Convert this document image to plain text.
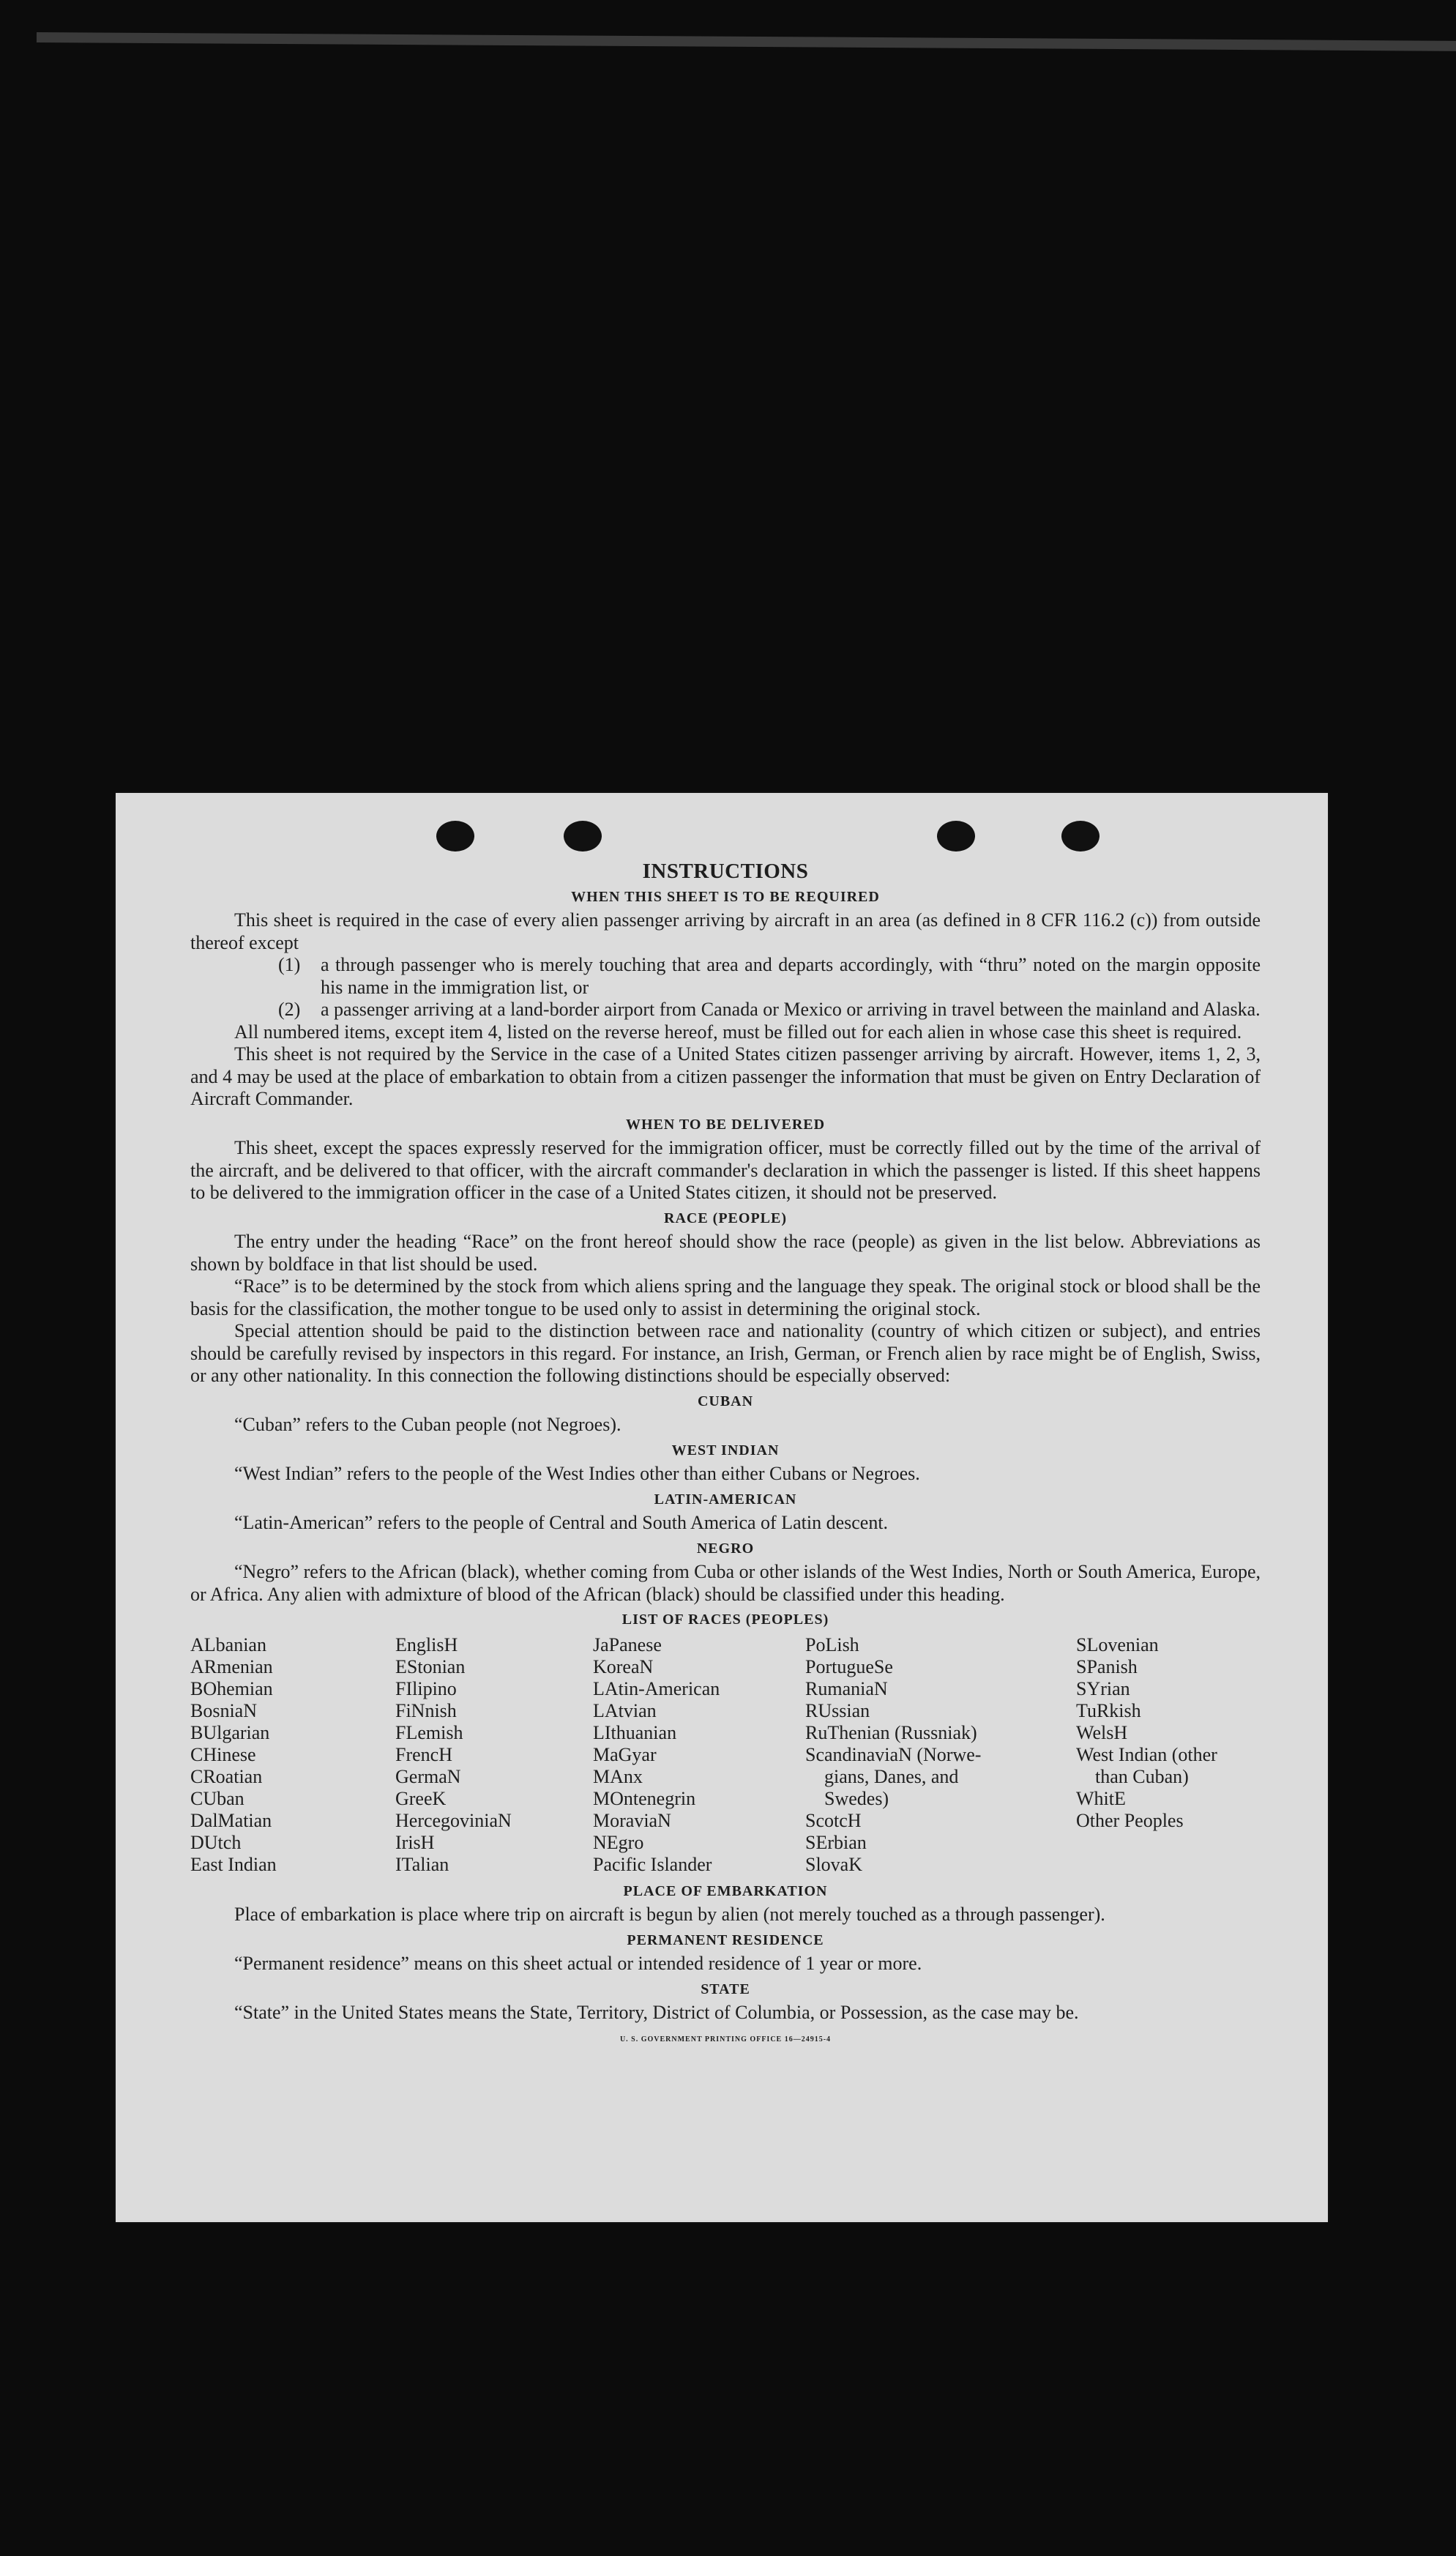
INSTRUCTIONS
WHEN THIS SHEET IS TO BE REQUIRED

This sheet is required in the case of every alien passenger arriving by aircraft in an area (as defined in 8 CFR 116.2 (c)) from outside thereof except

(1)	a through passenger who is merely touching that area and departs accordingly, with “thru” noted on the margin opposite his name in the immigration list, or
(2)	a passenger arriving at a land-border airport from Canada or Mexico or arriving in travel between the mainland and Alaska.

All numbered items, except item 4, listed on the reverse hereof, must be filled out for each alien in whose case this sheet is required.

This sheet is not required by the Service in the case of a United States citizen passenger arriving by aircraft. However, items 1, 2, 3, and 4 may be used at the place of embarkation to obtain from a citizen passenger the information that must be given on Entry Declaration of Aircraft Commander.

WHEN TO BE DELIVERED

This sheet, except the spaces expressly reserved for the immigration officer, must be correctly filled out by the time of the arrival of the aircraft, and be delivered to that officer, with the aircraft commander's declaration in which the passenger is listed. If this sheet happens to be delivered to the immigration officer in the case of a United States citizen, it should not be preserved.

RACE (PEOPLE)

The entry under the heading “Race” on the front hereof should show the race (people) as given in the list below. Abbreviations as shown by boldface in that list should be used.

“Race” is to be determined by the stock from which aliens spring and the language they speak. The original stock or blood shall be the basis for the classification, the mother tongue to be used only to assist in determining the original stock.

Special attention should be paid to the distinction between race and nationality (country of which citizen or subject), and entries should be carefully revised by inspectors in this regard. For instance, an Irish, German, or French alien by race might be of English, Swiss, or any other nationality. In this connection the following distinctions should be especially observed:

CUBAN

“Cuban” refers to the Cuban people (not Negroes).

WEST INDIAN

“West Indian” refers to the people of the West Indies other than either Cubans or Negroes.

LATIN-AMERICAN

“Latin-American” refers to the people of Central and South America of Latin descent.

NEGRO

“Negro” refers to the African (black), whether coming from Cuba or other islands of the West Indies, North or South America, Europe, or Africa. Any alien with admixture of blood of the African (black) should be classified under this heading.

LIST OF RACES (PEOPLES)
ALbanian
ARmenian
BOhemian
BosniaN
BUlgarian
CHinese
CRoatian
CUban
DalMatian
DUtch
East Indian
EnglisH
EStonian
FIlipino
FiNnish
FLemish
FrencH
GermaN
GreeK
HercegoviniaN
IrisH
ITalian
JaPanese
KoreaN
LAtin-American
LAtvian
LIthuanian
MaGyar
MAnx
MOntenegrin
MoraviaN
NEgro
Pacific Islander
PoLish
PortugueSe
RumaniaN
RUssian
RuThenian (Russniak)
ScandinaviaN (Norwe-
gians, Danes, and
Swedes)
ScotcH
SErbian
SlovaK
SLovenian
SPanish
SYrian
TuRkish
WelsH
West Indian (other
than Cuban)
WhitE
Other Peoples
PLACE OF EMBARKATION

Place of embarkation is place where trip on aircraft is begun by alien (not merely touched as a through passenger).

PERMANENT RESIDENCE

“Permanent residence” means on this sheet actual or intended residence of 1 year or more.

STATE

“State” in the United States means the State, Territory, District of Columbia, or Possession, as the case may be.

U. S. GOVERNMENT PRINTING OFFICE 16—24915-4
